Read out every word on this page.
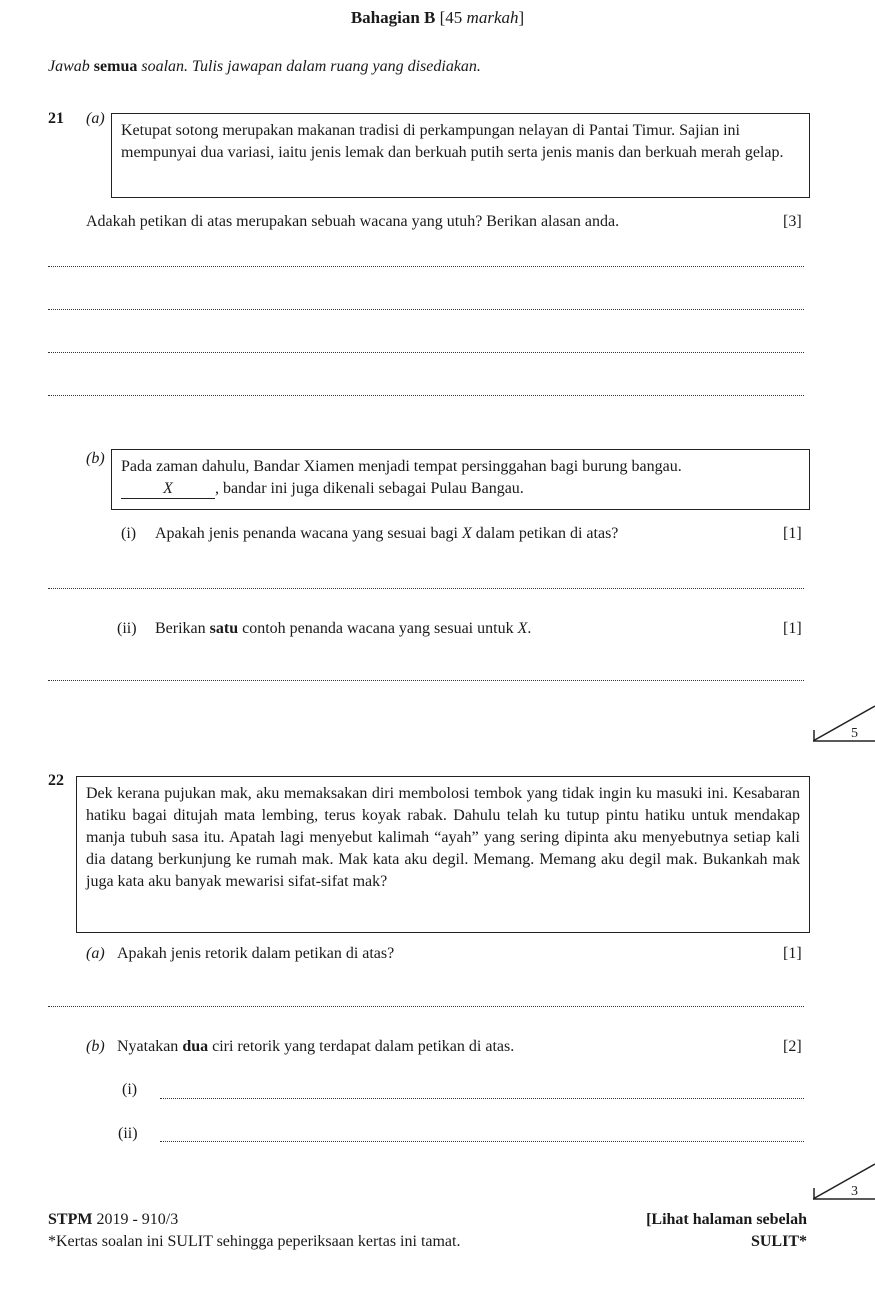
Bahagian B [45 markah]
Jawab semua soalan. Tulis jawapan dalam ruang yang disediakan.
21 (a)
Ketupat sotong merupakan makanan tradisi di perkampungan nelayan di Pantai Timur. Sajian ini mempunyai dua variasi, iaitu jenis lemak dan berkuah putih serta jenis manis dan berkuah merah gelap.
Adakah petikan di atas merupakan sebuah wacana yang utuh? Berikan alasan anda.	[3]
(b) Pada zaman dahulu, Bandar Xiamen menjadi tempat persinggahan bagi burung bangau.
X	, bandar ini juga dikenali sebagai Pulau Bangau.
(i) Apakah jenis penanda wacana yang sesuai bagi X dalam petikan di atas?	[1]
(ii) Berikan satu contoh penanda wacana yang sesuai untuk X.	[1]
5
22
Dek kerana pujukan mak, aku memaksakan diri membolosi tembok yang tidak ingin ku masuki ini. Kesabaran hatiku bagai ditujah mata lembing, terus koyak rabak. Dahulu telah ku tutup pintu hatiku untuk mendakap manja tubuh sasa itu. Apatah lagi menyebut kalimah “ayah” yang sering dipinta aku menyebutnya setiap kali dia datang berkunjung ke rumah mak. Mak kata aku degil. Memang. Memang aku degil mak. Bukankah mak juga kata aku banyak mewarisi sifat-sifat mak?
(a) Apakah jenis retorik dalam petikan di atas?	[1]
(b) Nyatakan dua ciri retorik yang terdapat dalam petikan di atas.	[2]
(i)
(ii)
3
STPM 2019 - 910/3
*Kertas soalan ini SULIT sehingga peperiksaan kertas ini tamat.
[Lihat halaman sebelah
SULIT*
